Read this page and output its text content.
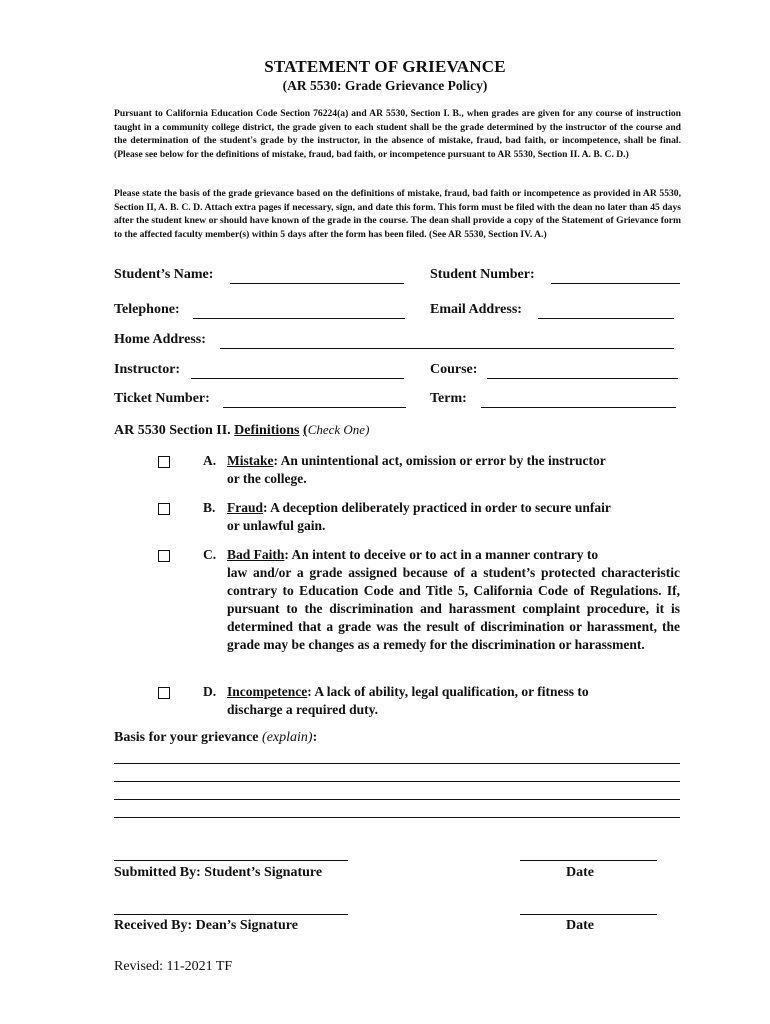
STATEMENT OF GRIEVANCE
(AR 5530: Grade Grievance Policy)
Pursuant to California Education Code Section 76224(a) and AR 5530, Section I. B., when grades are given for any course of instruction taught in a community college district, the grade given to each student shall be the grade determined by the instructor of the course and the determination of the student's grade by the instructor, in the absence of mistake, fraud, bad faith, or incompetence, shall be final. (Please see below for the definitions of mistake, fraud, bad faith, or incompetence pursuant to AR 5530, Section II. A. B. C. D.)
Please state the basis of the grade grievance based on the definitions of mistake, fraud, bad faith or incompetence as provided in AR 5530, Section II, A. B. C. D. Attach extra pages if necessary, sign, and date this form. This form must be filed with the dean no later than 45 days after the student knew or should have known of the grade in the course. The dean shall provide a copy of the Statement of Grievance form to the affected faculty member(s) within 5 days after the form has been filed. (See AR 5530, Section IV. A.)
Student’s Name:	Student Number:
Telephone:	Email Address:
Home Address:
Instructor:	Course:
Ticket Number:	Term:
AR 5530 Section II. Definitions (Check One)
A. Mistake: An unintentional act, omission or error by the instructor
or the college.
B. Fraud: A deception deliberately practiced in order to secure unfair
or unlawful gain.
C. Bad Faith: An intent to deceive or to act in a manner contrary to
law and/or a grade assigned because of a student’s protected characteristic contrary to Education Code and Title 5, California Code of Regulations. If, pursuant to the discrimination and harassment complaint procedure, it is determined that a grade was the result of discrimination or harassment, the grade may be changes as a remedy for the discrimination or harassment.
D. Incompetence: A lack of ability, legal qualification, or fitness to
discharge a required duty.
Basis for your grievance (explain):
Submitted By: Student’s Signature	Date
Received By: Dean’s Signature	Date
Revised: 11-2021 TF
